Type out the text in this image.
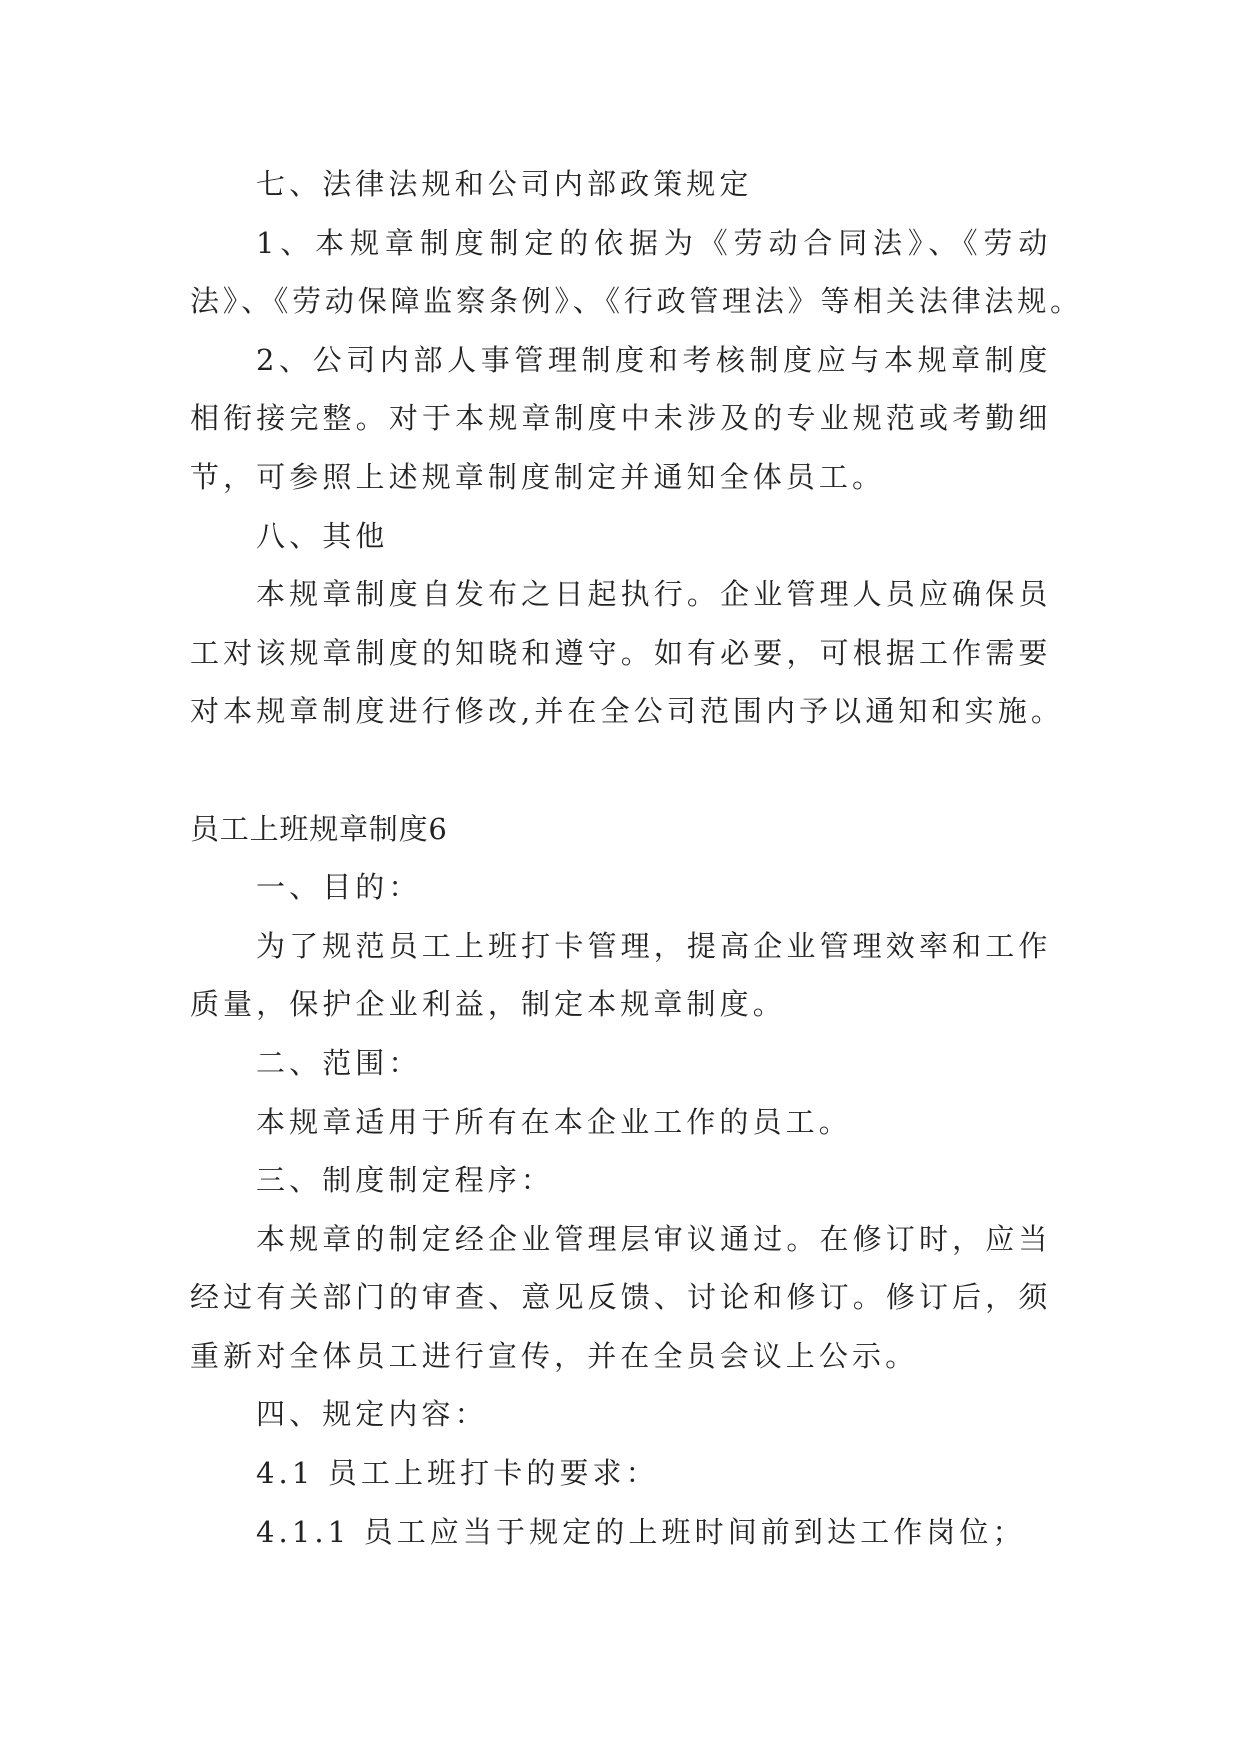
七、法律法规和公司内部政策规定
1、本规章制度制定的依据为《劳动合同法》、《劳动
法》、《劳动保障监察条例》、《行政管理法》等相关法律法规。
2、公司内部人事管理制度和考核制度应与本规章制度
相衔接完整。对于本规章制度中未涉及的专业规范或考勤细
节，可参照上述规章制度制定并通知全体员工。
八、其他
本规章制度自发布之日起执行。企业管理人员应确保员
工对该规章制度的知晓和遵守。如有必要，可根据工作需要
对本规章制度进行修改,并在全公司范围内予以通知和实施。
员工上班规章制度6
一、目的：
为了规范员工上班打卡管理，提高企业管理效率和工作
质量，保护企业利益，制定本规章制度。
二、范围：
本规章适用于所有在本企业工作的员工。
三、制度制定程序：
本规章的制定经企业管理层审议通过。在修订时，应当
经过有关部门的审查、意见反馈、讨论和修订。修订后，须
重新对全体员工进行宣传，并在全员会议上公示。
四、规定内容：
4.1 员工上班打卡的要求：
4.1.1 员工应当于规定的上班时间前到达工作岗位；
